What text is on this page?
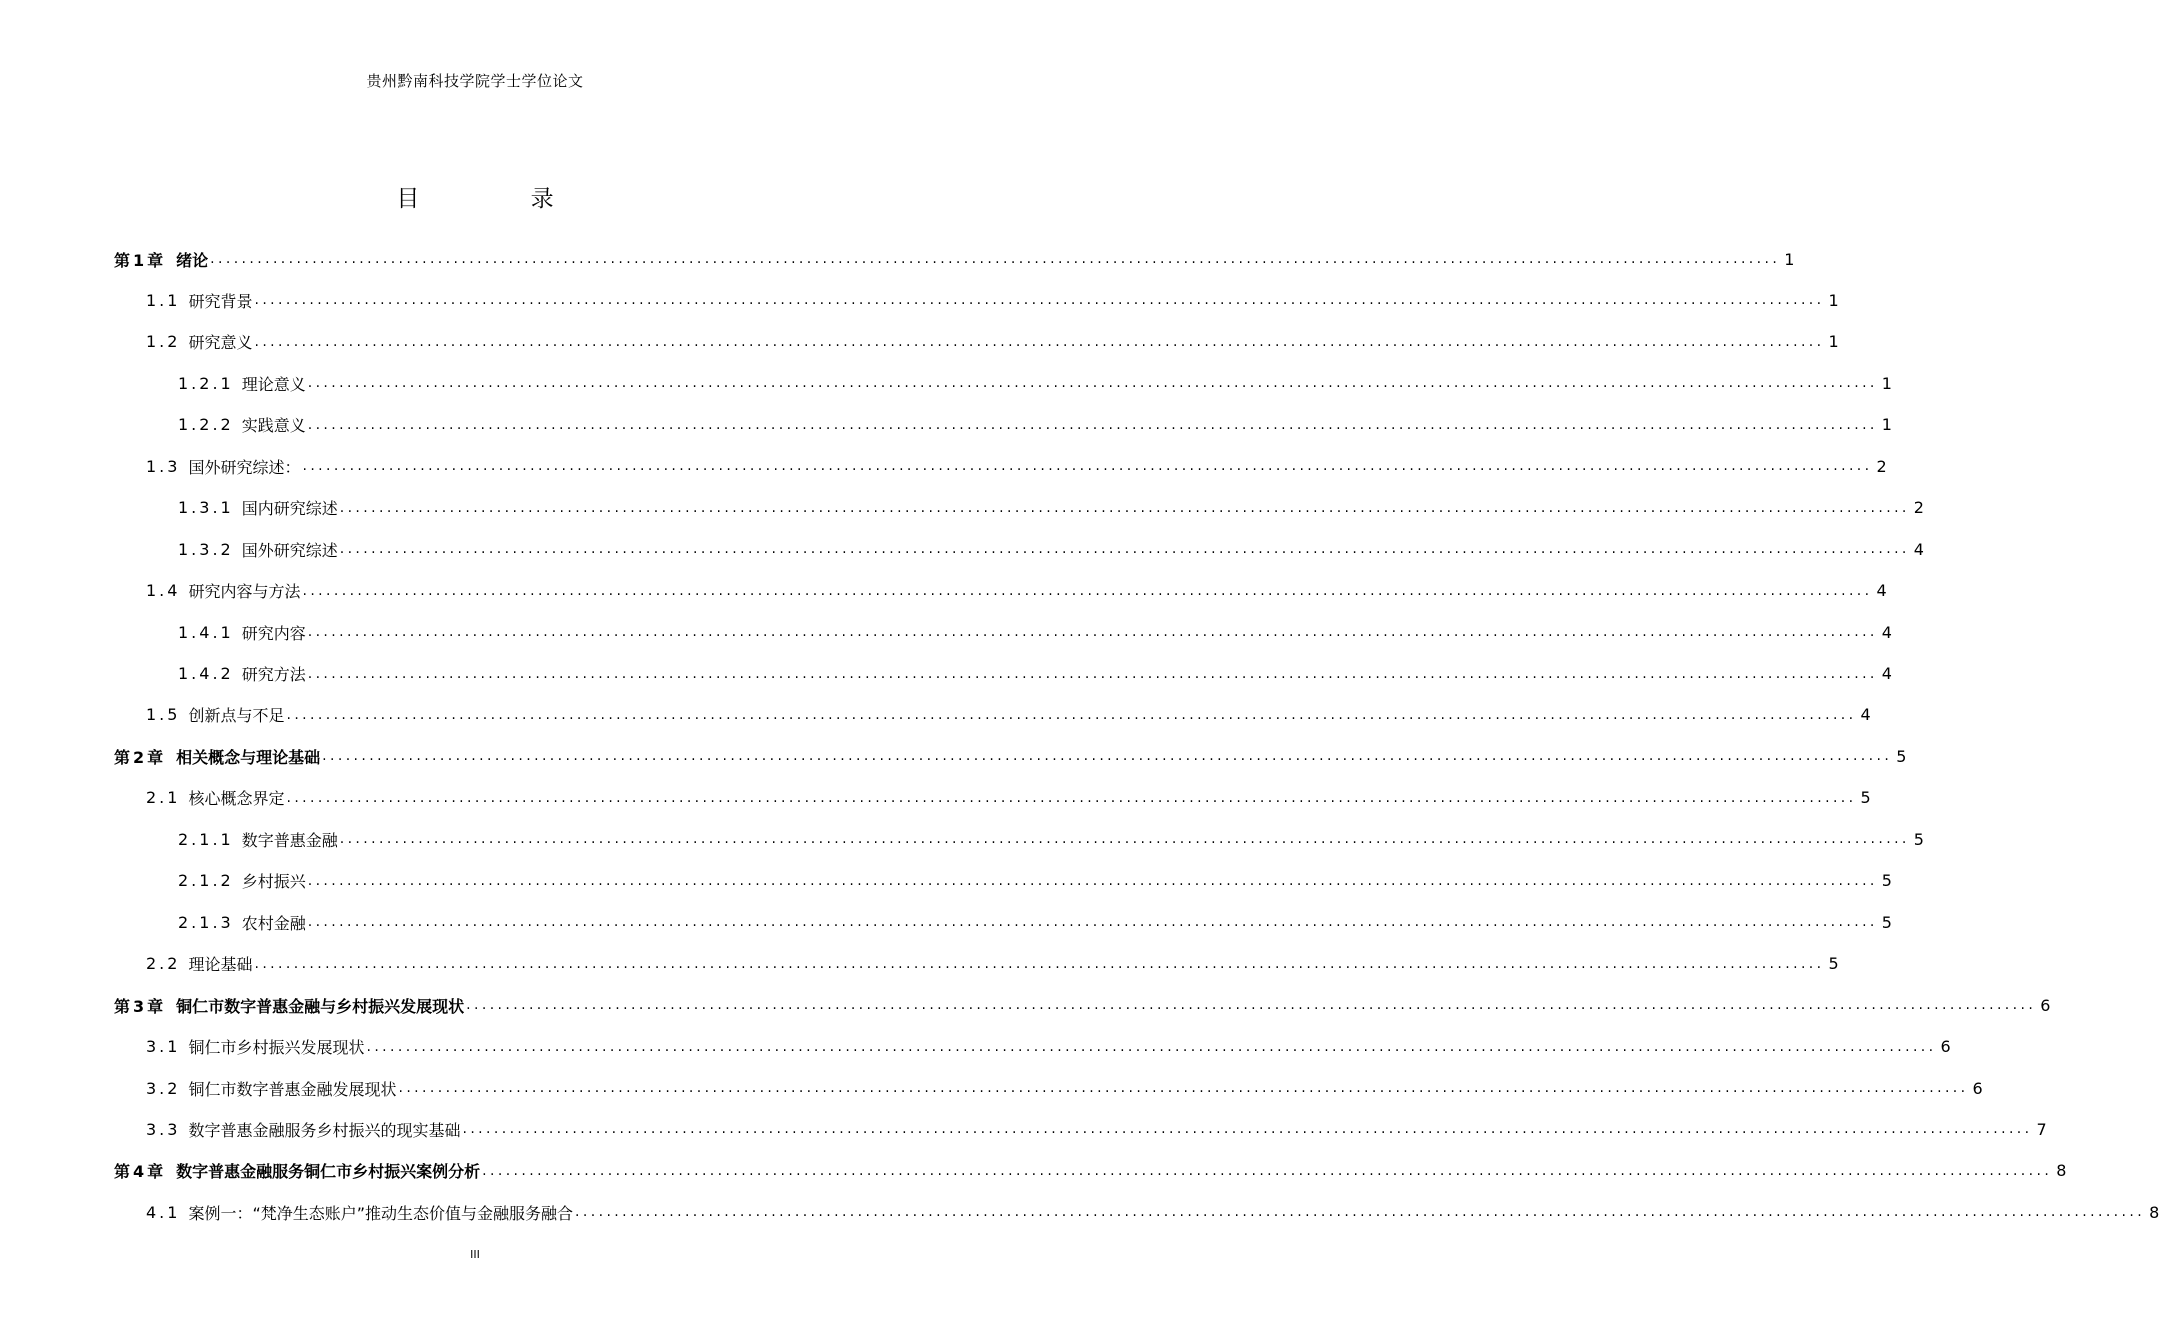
贵州黔南科技学院学士学位论文
目 录
第1章 绪论 ........................................................................................................................................................................................................ 1
1.1 研究背景 ........................................................................................................................................................................................................ 1
1.2 研究意义 ........................................................................................................................................................................................................ 1
1.2.1 理论意义 ........................................................................................................................................................................................................ 1
1.2.2 实践意义 ........................................................................................................................................................................................................ 1
1.3 国外研究综述： ........................................................................................................................................................................................................ 2
1.3.1 国内研究综述 ........................................................................................................................................................................................................ 2
1.3.2 国外研究综述 ........................................................................................................................................................................................................ 4
1.4 研究内容与方法 ........................................................................................................................................................................................................ 4
1.4.1 研究内容 ........................................................................................................................................................................................................ 4
1.4.2 研究方法 ........................................................................................................................................................................................................ 4
1.5 创新点与不足 ........................................................................................................................................................................................................ 4
第2章 相关概念与理论基础 ........................................................................................................................................................................................................ 5
2.1 核心概念界定 ........................................................................................................................................................................................................ 5
2.1.1 数字普惠金融 ........................................................................................................................................................................................................ 5
2.1.2 乡村振兴 ........................................................................................................................................................................................................ 5
2.1.3 农村金融 ........................................................................................................................................................................................................ 5
2.2 理论基础 ........................................................................................................................................................................................................ 5
第3章 铜仁市数字普惠金融与乡村振兴发展现状 ........................................................................................................................................................................................................ 6
3.1 铜仁市乡村振兴发展现状 ........................................................................................................................................................................................................ 6
3.2 铜仁市数字普惠金融发展现状 ........................................................................................................................................................................................................ 6
3.3 数字普惠金融服务乡村振兴的现实基础 ........................................................................................................................................................................................................ 7
第4章 数字普惠金融服务铜仁市乡村振兴案例分析 ........................................................................................................................................................................................................ 8
4.1 案例一：“梵净生态账户”推动生态价值与金融服务融合 ........................................................................................................................................................................................................ 8
III
